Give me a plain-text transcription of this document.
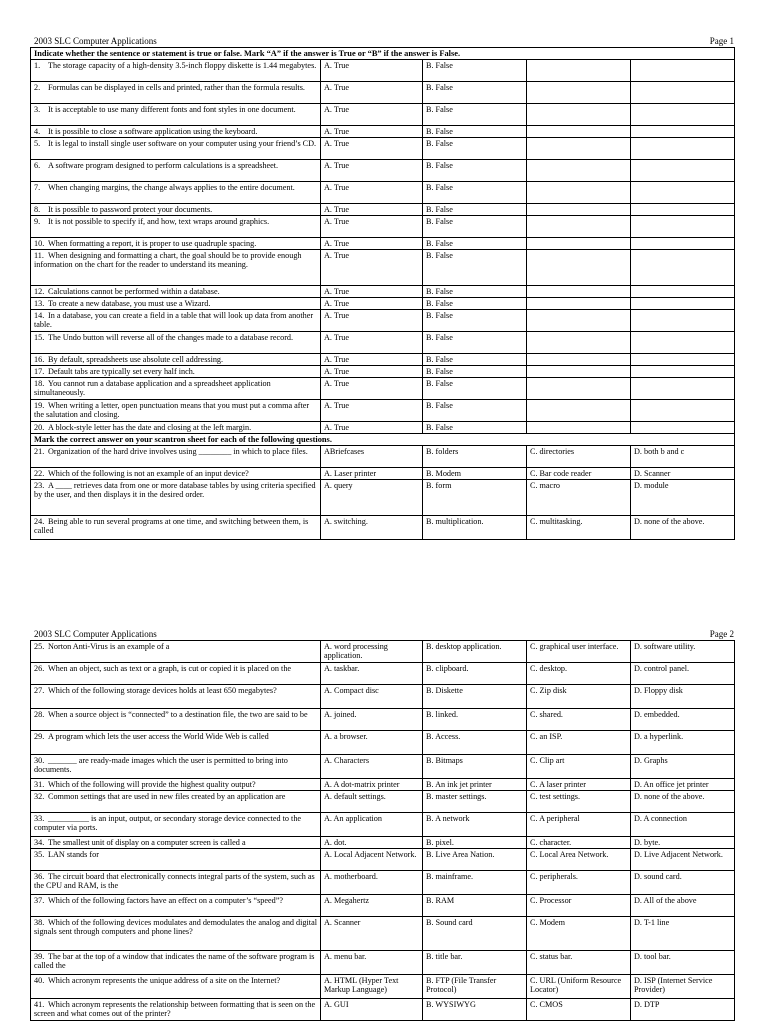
2003 SLC Computer Applications	Page 1
Indicate whether the sentence or statement is true or false. Mark “A” if the answer is True or “B” if the answer is False.				
1. The storage capacity of a high-density 3.5-inch floppy diskette is 1.44 megabytes.	A. True	B. False		
2. Formulas can be displayed in cells and printed, rather than the formula results.	A. True	B. False		
3. It is acceptable to use many different fonts and font styles in one document.	A. True	B. False		
4. It is possible to close a software application using the keyboard.	A. True	B. False		
5. It is legal to install single user software on your computer using your friend’s CD.	A. True	B. False		
6. A software program designed to perform calculations is a spreadsheet.	A. True	B. False		
7. When changing margins, the change always applies to the entire document.	A. True	B. False		
8. It is possible to password protect your documents.	A. True	B. False		
9. It is not possible to specify if, and how, text wraps around graphics.	A. True	B. False		
10. When formatting a report, it is proper to use quadruple spacing.	A. True	B. False		
11. When designing and formatting a chart, the goal should be to provide enough information on the chart for the reader to understand its meaning.	A. True	B. False		
12. Calculations cannot be performed within a database.	A. True	B. False		
13. To create a new database, you must use a Wizard.	A. True	B. False		
14. In a database, you can create a field in a table that will look up data from another table.	A. True	B. False		
15. The Undo button will reverse all of the changes made to a database record.	A. True	B. False		
16. By default, spreadsheets use absolute cell addressing.	A. True	B. False		
17. Default tabs are typically set every half inch.	A. True	B. False		
18. You cannot run a database application and a spreadsheet application simultaneously.	A. True	B. False		
19. When writing a letter, open punctuation means that you must put a comma after the salutation and closing.	A. True	B. False		
20. A block-style letter has the date and closing at the left margin.	A. True	B. False		
Mark the correct answer on your scantron sheet for each of the following questions.				
21. Organization of the hard drive involves using ________ in which to place files.	ABriefcases	B. folders	C. directories	D. both b and c
22. Which of the following is not an example of an input device?	A. Laser printer	B. Modem	C. Bar code reader	D. Scanner
23. A ____ retrieves data from one or more database tables by using criteria specified by the user, and then displays it in the desired order.	A. query	B. form	C. macro	D. module
24. Being able to run several programs at one time, and switching between them, is called	A. switching.	B. multiplication.	C. multitasking.	D. none of the above.
2003 SLC Computer Applications	Page 2
25. Norton Anti-Virus is an example of a	A. word processing application.	B. desktop application.	C. graphical user interface.	D. software utility.
26. When an object, such as text or a graph, is cut or copied it is placed on the	A. taskbar.	B. clipboard.	C. desktop.	D. control panel.
27. Which of the following storage devices holds at least 650 megabytes?	A. Compact disc	B. Diskette	C. Zip disk	D. Floppy disk
28. When a source object is “connected” to a destination file, the two are said to be	A. joined.	B. linked.	C. shared.	D. embedded.
29. A program which lets the user access the World Wide Web is called	A. a browser.	B. Access.	C. an ISP.	D. a hyperlink.
30. _______ are ready-made images which the user is permitted to bring into documents.	A. Characters	B. Bitmaps	C. Clip art	D. Graphs
31. Which of the following will provide the highest quality output?	A. A dot-matrix printer	B. An ink jet printer	C. A laser printer	D. An office jet printer
32. Common settings that are used in new files created by an application are	A. default settings.	B. master settings.	C. test settings.	D. none of the above.
33. __________ is an input, output, or secondary storage device connected to the computer via ports.	A. An application	B. A network	C. A peripheral	D. A connection
34. The smallest unit of display on a computer screen is called a	A. dot.	B. pixel.	C. character.	D. byte.
35. LAN stands for	A. Local Adjacent Network.	B. Live Area Nation.	C. Local Area Network.	D. Live Adjacent Network.
36. The circuit board that electronically connects integral parts of the system, such as the CPU and RAM, is the	A. motherboard.	B. mainframe.	C. peripherals.	D. sound card.
37. Which of the following factors have an effect on a computer’s “speed”?	A. Megahertz	B. RAM	C. Processor	D. All of the above
38. Which of the following devices modulates and demodulates the analog and digital signals sent through computers and phone lines?	A. Scanner	B. Sound card	C. Modem	D. T-1 line
39. The bar at the top of a window that indicates the name of the software program is called the	A. menu bar.	B. title bar.	C. status bar.	D. tool bar.
40. Which acronym represents the unique address of a site on the Internet?	A. HTML (Hyper Text Markup Language)	B. FTP (File Transfer Protocol)	C. URL (Uniform Resource Locator)	D. ISP (Internet Service Provider)
41. Which acronym represents the relationship between formatting that is seen on the screen and what comes out of the printer?	A. GUI	B. WYSIWYG	C. CMOS	D. DTP
